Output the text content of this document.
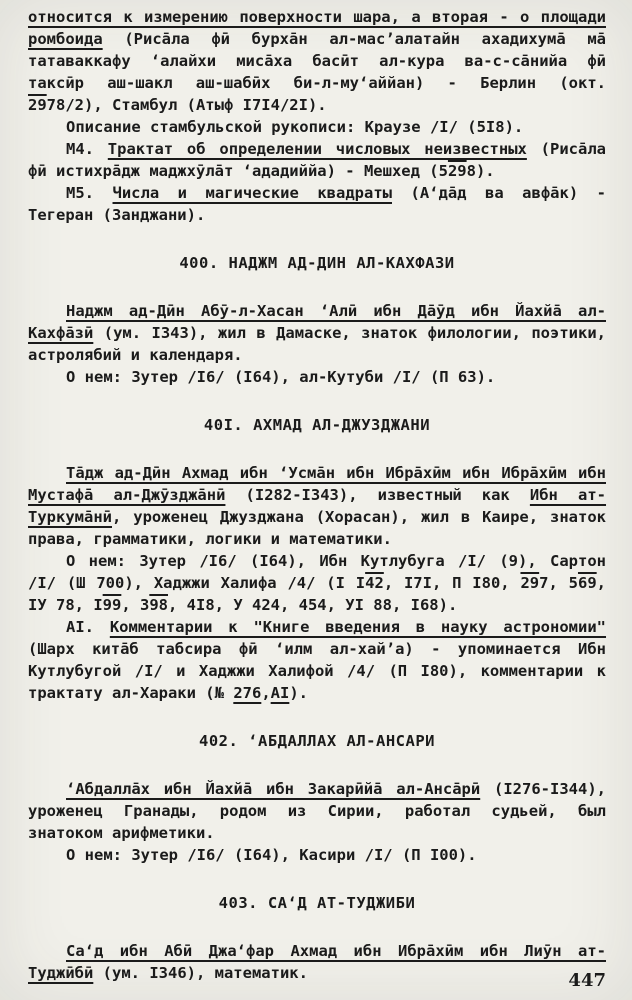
относится к измерению поверхности шара, а вторая - о площади ромбоида (Риса̄ла фӣ бурха̄н ал-мас’алатайн ахадихума̄ ма̄ татаваккафу ‘алайхи миса̄ха басӣт ал-кура ва-с-са̄нийа фӣ таксӣр аш-шакл аш-шабӣх би-л-му‘аййан) - Берлин (окт. 2978/2), Стамбул (Атыф I7I4/2I).

Описание стамбульской рукописи: Краузе /I/ (5I8).

М4. Трактат об определении числовых неизвестных (Риса̄ла фӣ истихра̄дж маджхӯла̄т ‘ададиййа) - Мешхед (5298).

М5. Числа и магические квадраты (А‘да̄д ва авфа̄к) - Тегеран (Занджани).

400. НАДЖМ АД-ДИН АЛ-КАХФАЗИ

Наджм ад-Дӣн Абӯ-л-Хасан ‘Алӣ ибн Да̄ӯд ибн Йахйа̄ ал-Кахфа̄зӣ (ум. I343), жил в Дамаске, знаток филологии, поэтики, астролябий и календаря.

О нем: Зутер /I6/ (I64), ал-Кутуби /I/ (П 63).

40I. АХМАД АЛ-ДЖУЗДЖАНИ

Та̄дж ад-Дӣн Ахмад ибн ‘Усма̄н ибн Ибра̄хӣм ибн Ибра̄хӣм ибн Мустафа̄ ал-Джӯзджа̄нӣ (I282-I343), известный как Ибн ат-Туркума̄нӣ, уроженец Джузджана (Хорасан), жил в Каире, знаток права, грамматики, логики и математики.

О нем: Зутер /I6/ (I64), Ибн Кутлубуга /I/ (9), Сартон /I/ (Ш 700), Хаджжи Халифа /4/ (I I42, I7I, П I80, 297, 569, IУ 78, I99, 398, 4I8, У 424, 454, УI 88, I68).

АI. Комментарии к "Книге введения в науку астрономии" (Шарх кита̄б табсира фӣ ‘илм ал-хай’а) - упоминается Ибн Кутлубугой /I/ и Хаджжи Халифой /4/ (П I80), комментарии к трактату ал-Хараки (№ 276,АI).

402. ‘АБДАЛЛАХ АЛ-АНСАРИ

‘Абдалла̄х ибн Йахйа̄ ибн Закарӣйа̄ ал-Анса̄рӣ (I276-I344), уроженец Гранады, родом из Сирии, работал судьей, был знатоком арифметики.

О нем: Зутер /I6/ (I64), Касири /I/ (П I00).

403. СА‘Д АТ-ТУДЖИБИ

Са‘д ибн Абӣ Джа‘фар Ахмад ибн Ибра̄хӣм ибн Лиӯн ат-Туджӣбӣ (ум. I346), математик.	447
